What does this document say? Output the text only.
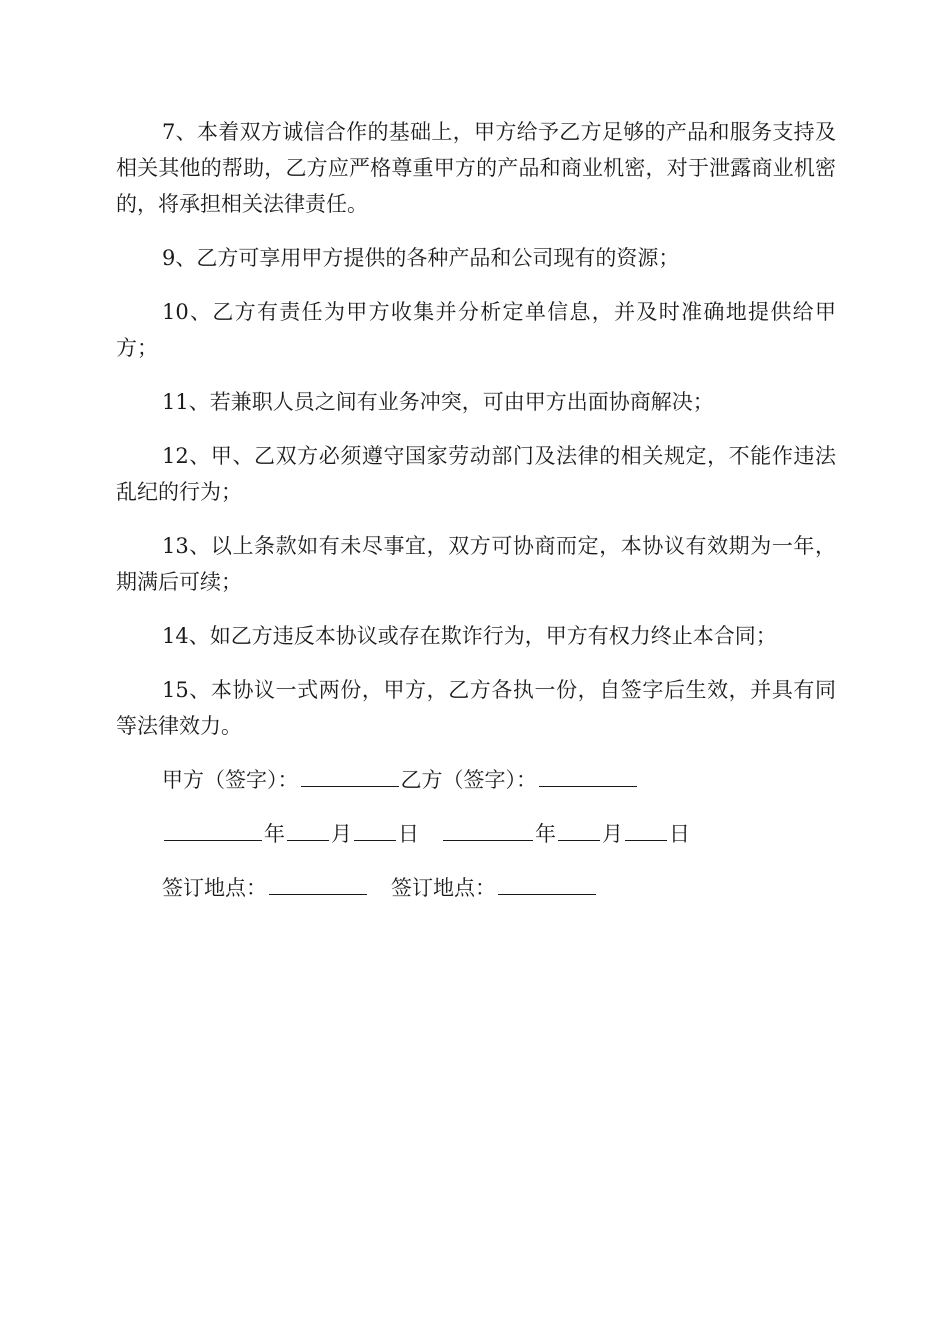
7、本着双方诚信合作的基础上，甲方给予乙方足够的产品和服务支持及相关其他的帮助，乙方应严格尊重甲方的产品和商业机密，对于泄露商业机密的，将承担相关法律责任。

9、乙方可享用甲方提供的各种产品和公司现有的资源；

10、乙方有责任为甲方收集并分析定单信息，并及时准确地提供给甲方；

11、若兼职人员之间有业务冲突，可由甲方出面协商解决；

12、甲、乙双方必须遵守国家劳动部门及法律的相关规定，不能作违法乱纪的行为；

13、以上条款如有未尽事宜，双方可协商而定，本协议有效期为一年，期满后可续；

14、如乙方违反本协议或存在欺诈行为，甲方有权力终止本合同；

15、本协议一式两份，甲方，乙方各执一份，自签字后生效，并具有同等法律效力。

甲方（签字）：	乙方（签字）：
年 月 日	年 月 日
签订地点：	签订地点：
